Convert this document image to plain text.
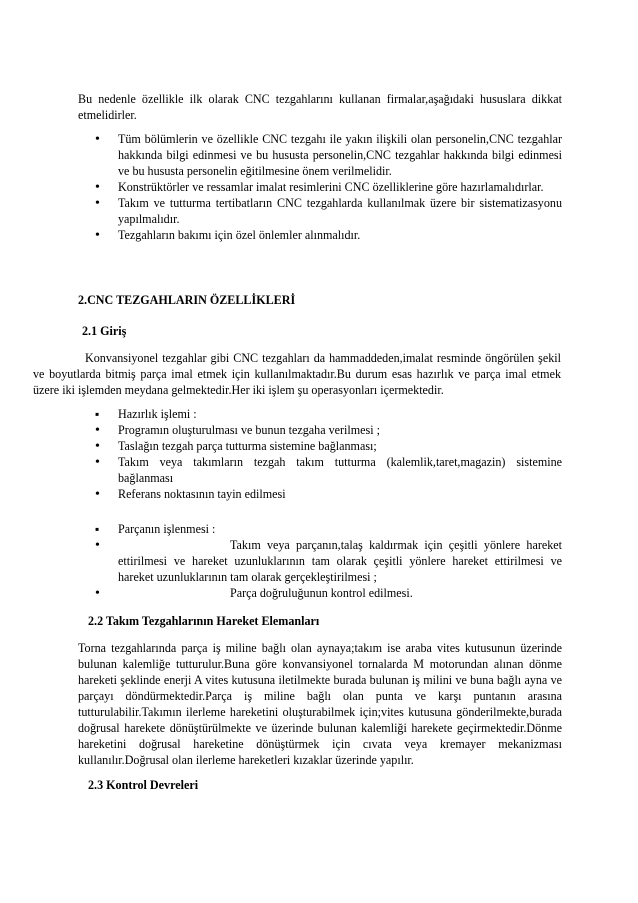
Bu nedenle özellikle ilk olarak CNC tezgahlarını kullanan firmalar,aşağıdaki hususlara dikkat etmelidirler.

•
Tüm bölümlerin ve özellikle CNC tezgahı ile yakın ilişkili olan personelin,CNC tezgahlar hakkında bilgi edinmesi ve bu hususta personelin,CNC tezgahlar hakkında bilgi edinmesi ve bu hususta personelin eğitilmesine önem verilmelidir.
•
Konstrüktörler ve ressamlar imalat resimlerini CNC özelliklerine göre hazırlamalıdırlar.
•
Takım ve tutturma tertibatların CNC tezgahlarda kullanılmak üzere bir sistematizasyonu yapılmalıdır.
•
Tezgahların bakımı için özel önlemler alınmalıdır.
2.CNC TEZGAHLARIN ÖZELLİKLERİ
2.1 Giriş

Konvansiyonel tezgahlar gibi CNC tezgahları da hammaddeden,imalat resminde öngörülen şekil ve boyutlarda bitmiş parça imal etmek için kullanılmaktadır.Bu durum esas hazırlık ve parça imal etmek üzere iki işlemden meydana gelmektedir.Her iki işlem şu operasyonları içermektedir.

▪
Hazırlık işlemi :
•
Programın oluşturulması ve bunun tezgaha verilmesi ;
•
Taslağın tezgah parça tutturma sistemine bağlanması;
•
Takım veya takımların tezgah takım tutturma (kalemlik,taret,magazin) sistemine bağlanması
•
Referans noktasının tayin edilmesi
▪
Parçanın işlenmesi :
•
Takım veya parçanın,talaş kaldırmak için çeşitli yönlere hareket ettirilmesi ve hareket uzunluklarının tam olarak çeşitli yönlere hareket ettirilmesi ve hareket uzunluklarının tam olarak gerçekleştirilmesi ;
•
Parça doğruluğunun kontrol edilmesi.
2.2 Takım Tezgahlarının Hareket Elemanları

Torna tezgahlarında parça iş miline bağlı olan aynaya;takım ise araba vites kutusunun üzerinde bulunan kalemliğe tutturulur.Buna göre konvansiyonel tornalarda M motorundan alınan dönme hareketi şeklinde enerji A vites kutusuna iletilmekte burada bulunan iş milini ve buna bağlı ayna ve parçayı döndürmektedir.Parça iş miline bağlı olan punta ve karşı puntanın arasına tutturulabilir.Takımın ilerleme hareketini oluşturabilmek için;vites kutusuna gönderilmekte,burada doğrusal harekete dönüştürülmekte ve üzerinde bulunan kalemliği harekete geçirmektedir.Dönme hareketini doğrusal hareketine dönüştürmek için cıvata veya kremayer mekanizması kullanılır.Doğrusal olan ilerleme hareketleri kızaklar üzerinde yapılır.

2.3 Kontrol Devreleri
